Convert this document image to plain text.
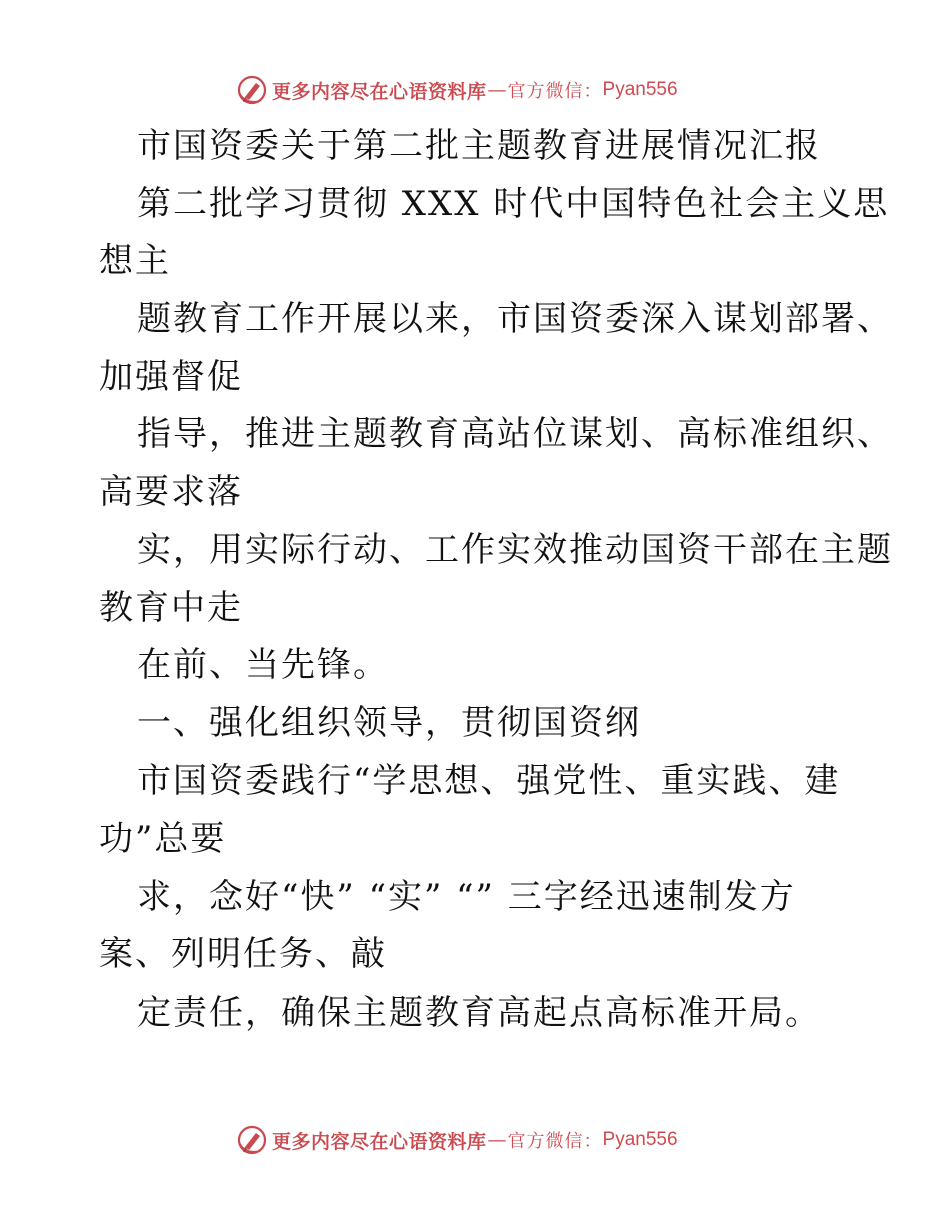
更多内容尽在心语资料库 — 官方微信： Pyan556
市国资委关于第二批主题教育进展情况汇报
第二批学习贯彻 XXX 时代中国特色社会主义思
想主
题教育工作开展以来，市国资委深入谋划部署、
加强督促
指导，推进主题教育高站位谋划、高标准组织、
高要求落
实，用实际行动、工作实效推动国资干部在主题
教育中走
在前、当先锋。
一、强化组织领导，贯彻国资纲
市国资委践行“学思想、强党性、重实践、建
功”总要
求，念好“快” “实” “” 三字经迅速制发方
案、列明任务、敲
定责任，确保主题教育高起点高标准开局。
更多内容尽在心语资料库 — 官方微信： Pyan556
